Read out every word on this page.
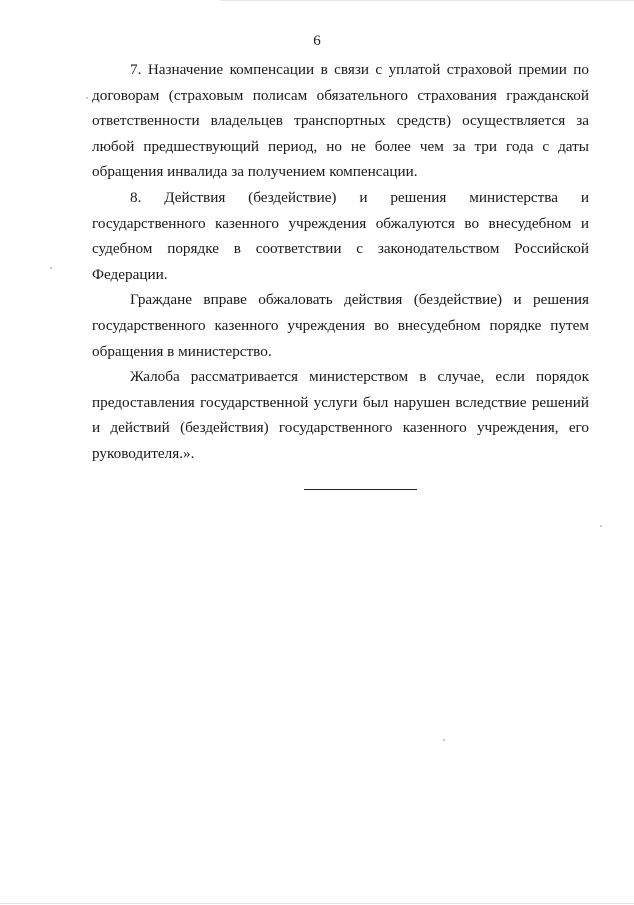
6

7. Назначение компенсации в связи с уплатой страховой премии по договорам (страховым полисам обязательного страхования гражданской ответственности владельцев транспортных средств) осуществляется за любой предшествующий период, но не более чем за три года с даты обращения инвалида за получением компенсации.

8. Действия (бездействие) и решения министерства и государственного казенного учреждения обжалуются во внесудебном и судебном порядке в соответствии с законодательством Российской Федерации.

Граждане вправе обжаловать действия (бездействие) и решения государственного казенного учреждения во внесудебном порядке путем обращения в министерство.

Жалоба рассматривается министерством в случае, если порядок предоставления государственной услуги был нарушен вследствие решений и действий (бездействия) государственного казенного учреждения, его руководителя.».
